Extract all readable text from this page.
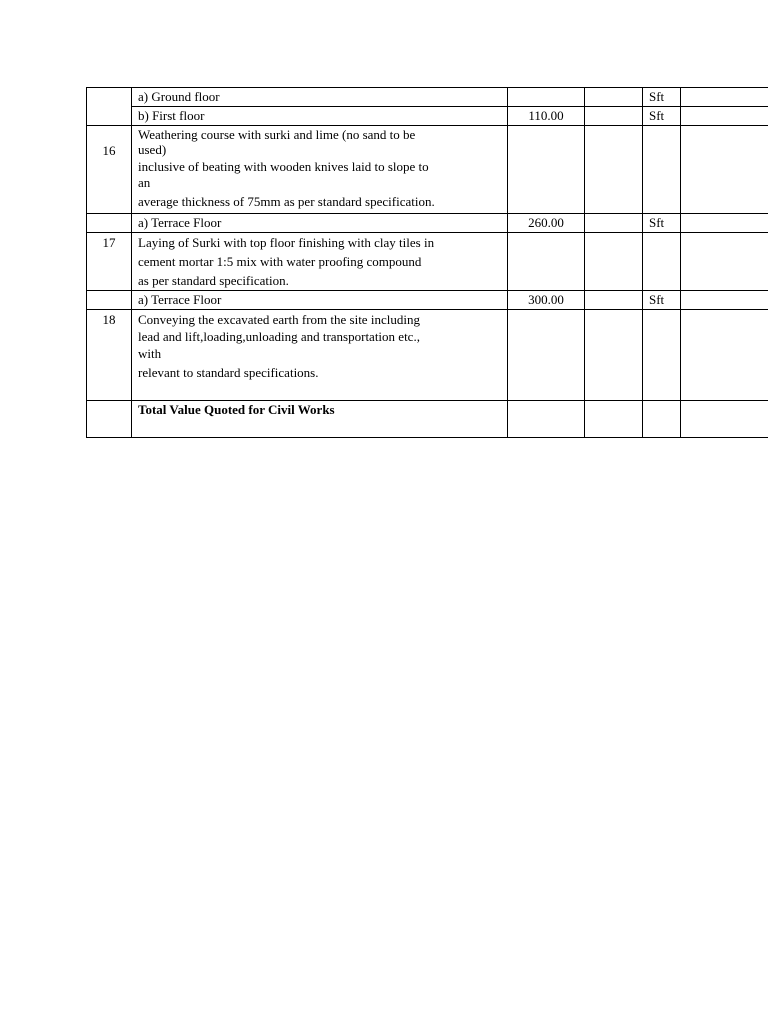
	a) Ground floor			Sft	

	b) First floor	110.00		Sft	
16	Weathering course with surki and lime (no sand to be
used)
inclusive of beating with wooden knives laid to slope to
an
average thickness of 75mm as per standard specification.				

	a) Terrace Floor	260.00		Sft	
17	Laying of Surki with top floor finishing with clay tiles in
cement mortar 1:5 mix with water proofing compound
as per standard specification.				

	a) Terrace Floor	300.00		Sft	
18	Conveying the excavated earth from the site including
lead and lift,loading,unloading and transportation etc.,
with
relevant to standard specifications.				

	Total Value Quoted for Civil Works				
